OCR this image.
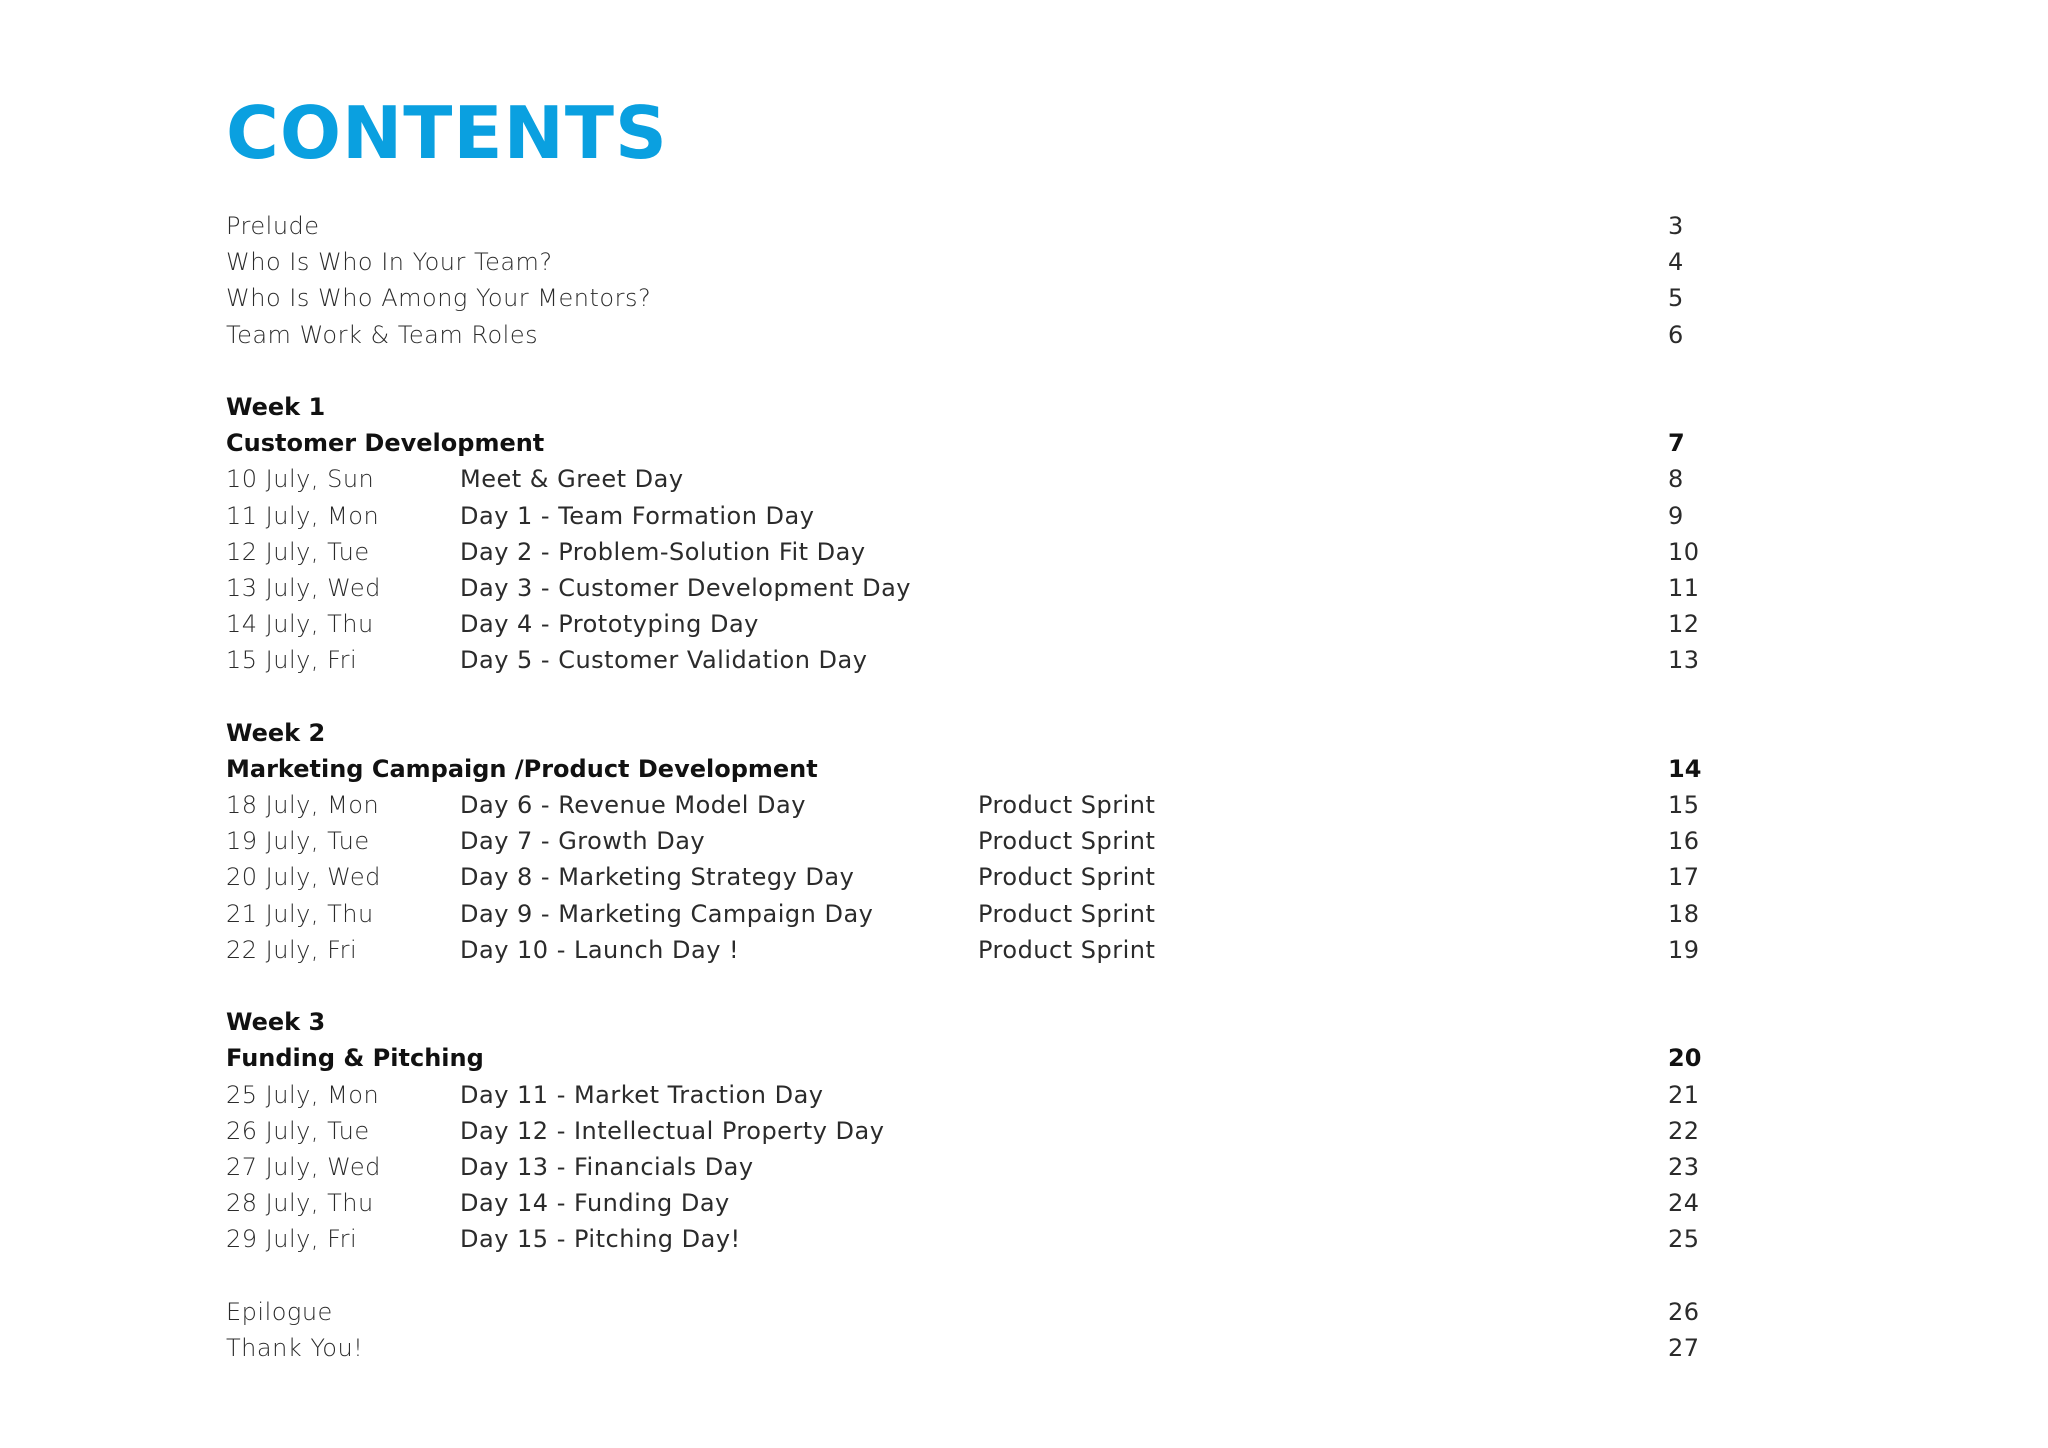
CONTENTS
Prelude	3
Who Is Who In Your Team?	4
Who Is Who Among Your Mentors?	5
Team Work & Team Roles	6
Week 1
Customer Development	7
10 July, Sun	Meet & Greet Day	8
11 July, Mon	Day 1 - Team Formation Day	9
12 July, Tue	Day 2 - Problem-Solution Fit Day	10
13 July, Wed	Day 3 - Customer Development Day	11
14 July, Thu	Day 4 - Prototyping Day	12
15 July, Fri	Day 5 - Customer Validation Day	13
Week 2
Marketing Campaign /Product Development	14
18 July, Mon	Day 6 - Revenue Model Day	Product Sprint	15
19 July, Tue	Day 7 - Growth Day	Product Sprint	16
20 July, Wed	Day 8 - Marketing Strategy Day	Product Sprint	17
21 July, Thu	Day 9 - Marketing Campaign Day	Product Sprint	18
22 July, Fri	Day 10 - Launch Day !	Product Sprint	19
Week 3
Funding & Pitching	20
25 July, Mon	Day 11 - Market Traction Day	21
26 July, Tue	Day 12 - Intellectual Property Day	22
27 July, Wed	Day 13 - Financials Day	23
28 July, Thu	Day 14 - Funding Day	24
29 July, Fri	Day 15 - Pitching Day!	25
Epilogue	26
Thank You!	27
